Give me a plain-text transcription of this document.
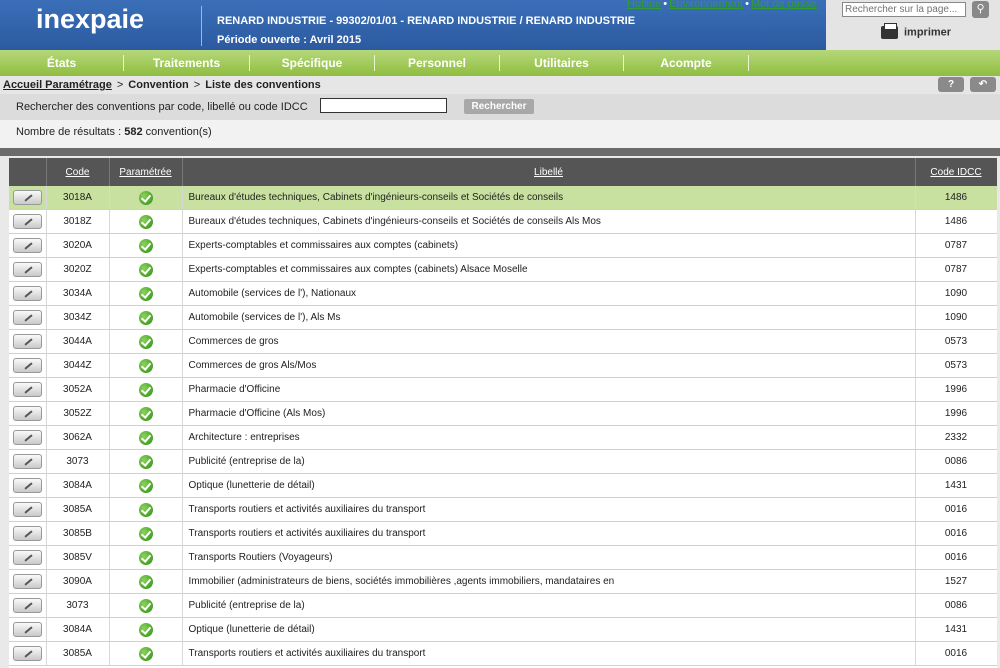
inexpaie	RENARD INDUSTRIE - 99302/01/01 - RENARD INDUSTRIE / RENARD INDUSTRIE
Période ouverte : Avril 2015
Hotline • Environnement • Mot de passe
Rechercher sur la page...	⚲
imprimer
États	Traitements	Spécifique	Personnel	Utilitaires	Acompte
Accueil Paramétrage > Convention > Liste des conventions	?	↶
Rechercher des conventions par code, libellé ou code IDCC	Rechercher
Nombre de résultats : 582 convention(s)
	Code	Paramétrée	Libellé	Code IDCC
	3018A		Bureaux d'études techniques, Cabinets d'ingénieurs-conseils et Sociétés de conseils	1486
	3018Z		Bureaux d'études techniques, Cabinets d'ingénieurs-conseils et Sociétés de conseils Als Mos	1486
	3020A		Experts-comptables et commissaires aux comptes (cabinets)	0787
	3020Z		Experts-comptables et commissaires aux comptes (cabinets) Alsace Moselle	0787
	3034A		Automobile (services de l'), Nationaux	1090
	3034Z		Automobile (services de l'), Als Ms	1090
	3044A		Commerces de gros	0573
	3044Z		Commerces de gros Als/Mos	0573
	3052A		Pharmacie d'Officine	1996
	3052Z		Pharmacie d'Officine (Als Mos)	1996
	3062A		Architecture : entreprises	2332
	3073		Publicité (entreprise de la)	0086
	3084A		Optique (lunetterie de détail)	1431
	3085A		Transports routiers et activités auxiliaires du transport	0016
	3085B		Transports routiers et activités auxiliaires du transport	0016
	3085V		Transports Routiers (Voyageurs)	0016
	3090A		Immobilier (administrateurs de biens, sociétés immobilières ,agents immobiliers, mandataires en	1527
	3073		Publicité (entreprise de la)	0086
	3084A		Optique (lunetterie de détail)	1431
	3085A		Transports routiers et activités auxiliaires du transport	0016
